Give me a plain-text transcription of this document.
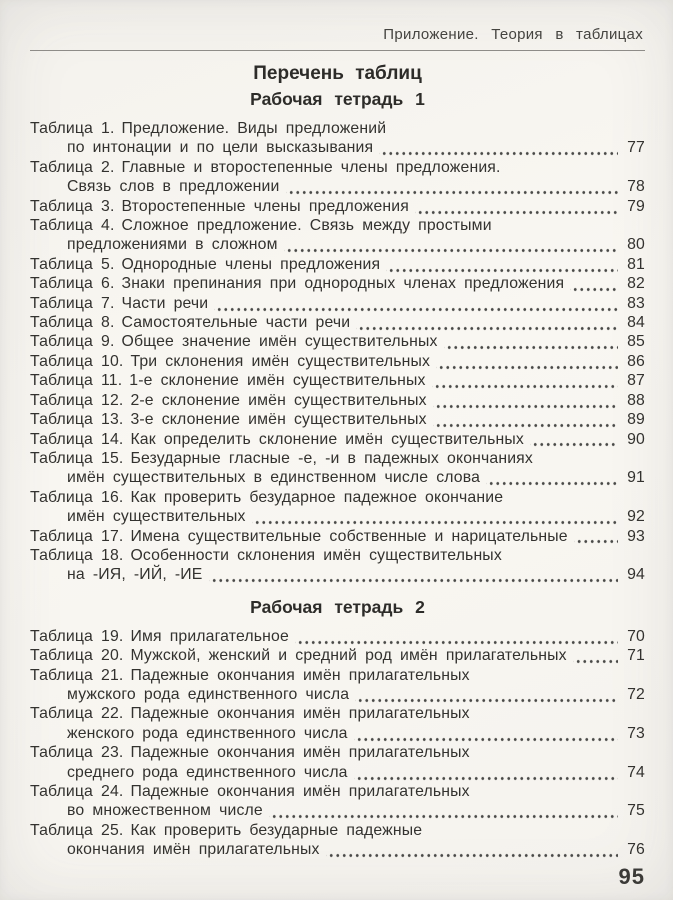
Приложение. Теория в таблицах
Перечень таблиц
Рабочая тетрадь 1
Таблица 1. Предложение. Виды предложений
по интонации и по цели высказывания	77
Таблица 2. Главные и второстепенные члены предложения.
Связь слов в предложении	78
Таблица 3. Второстепенные члены предложения	79
Таблица 4. Сложное предложение. Связь между простыми
предложениями в сложном	80
Таблица 5. Однородные члены предложения	81
Таблица 6. Знаки препинания при однородных членах предложения	82
Таблица 7. Части речи	83
Таблица 8. Самостоятельные части речи	84
Таблица 9. Общее значение имён существительных	85
Таблица 10. Три склонения имён существительных	86
Таблица 11. 1-е склонение имён существительных	87
Таблица 12. 2-е склонение имён существительных	88
Таблица 13. 3-е склонение имён существительных	89
Таблица 14. Как определить склонение имён существительных	90
Таблица 15. Безударные гласные -е, -и в падежных окончаниях
имён существительных в единственном числе слова	91
Таблица 16. Как проверить безударное падежное окончание
имён существительных	92
Таблица 17. Имена существительные собственные и нарицательные	93
Таблица 18. Особенности склонения имён существительных
на -ИЯ, -ИЙ, -ИЕ	94
Рабочая тетрадь 2
Таблица 19. Имя прилагательное	70
Таблица 20. Мужской, женский и средний род имён прилагательных	71
Таблица 21. Падежные окончания имён прилагательных
мужского рода единственного числа	72
Таблица 22. Падежные окончания имён прилагательных
женского рода единственного числа	73
Таблица 23. Падежные окончания имён прилагательных
среднего рода единственного числа	74
Таблица 24. Падежные окончания имён прилагательных
во множественном числе	75
Таблица 25. Как проверить безударные падежные
окончания имён прилагательных	76
95
